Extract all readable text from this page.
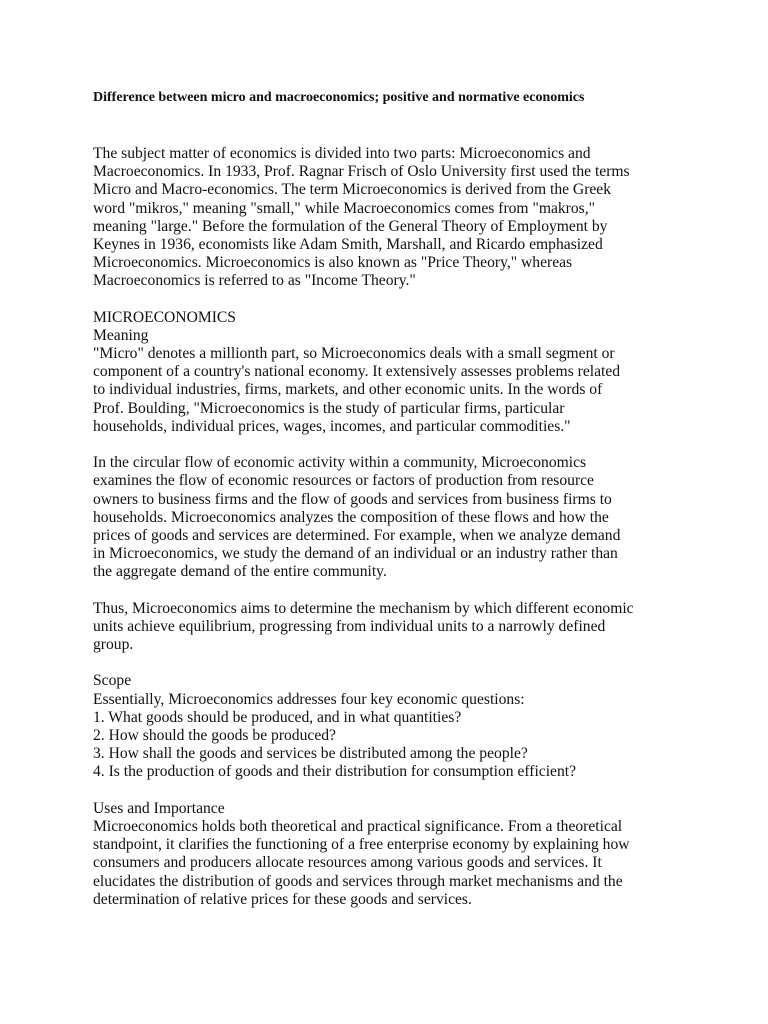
Difference between micro and macroeconomics; positive and normative economics
The subject matter of economics is divided into two parts: Microeconomics and
Macroeconomics. In 1933, Prof. Ragnar Frisch of Oslo University first used the terms
Micro and Macro-economics. The term Microeconomics is derived from the Greek
word "mikros," meaning "small," while Macroeconomics comes from "makros,"
meaning "large." Before the formulation of the General Theory of Employment by
Keynes in 1936, economists like Adam Smith, Marshall, and Ricardo emphasized
Microeconomics. Microeconomics is also known as "Price Theory," whereas
Macroeconomics is referred to as "Income Theory."
MICROECONOMICS
Meaning
"Micro" denotes a millionth part, so Microeconomics deals with a small segment or
component of a country's national economy. It extensively assesses problems related
to individual industries, firms, markets, and other economic units. In the words of
Prof. Boulding, "Microeconomics is the study of particular firms, particular
households, individual prices, wages, incomes, and particular commodities."
In the circular flow of economic activity within a community, Microeconomics
examines the flow of economic resources or factors of production from resource
owners to business firms and the flow of goods and services from business firms to
households. Microeconomics analyzes the composition of these flows and how the
prices of goods and services are determined. For example, when we analyze demand
in Microeconomics, we study the demand of an individual or an industry rather than
the aggregate demand of the entire community.
Thus, Microeconomics aims to determine the mechanism by which different economic
units achieve equilibrium, progressing from individual units to a narrowly defined
group.
Scope
Essentially, Microeconomics addresses four key economic questions:
1. What goods should be produced, and in what quantities?
2. How should the goods be produced?
3. How shall the goods and services be distributed among the people?
4. Is the production of goods and their distribution for consumption efficient?
Uses and Importance
Microeconomics holds both theoretical and practical significance. From a theoretical
standpoint, it clarifies the functioning of a free enterprise economy by explaining how
consumers and producers allocate resources among various goods and services. It
elucidates the distribution of goods and services through market mechanisms and the
determination of relative prices for these goods and services.
